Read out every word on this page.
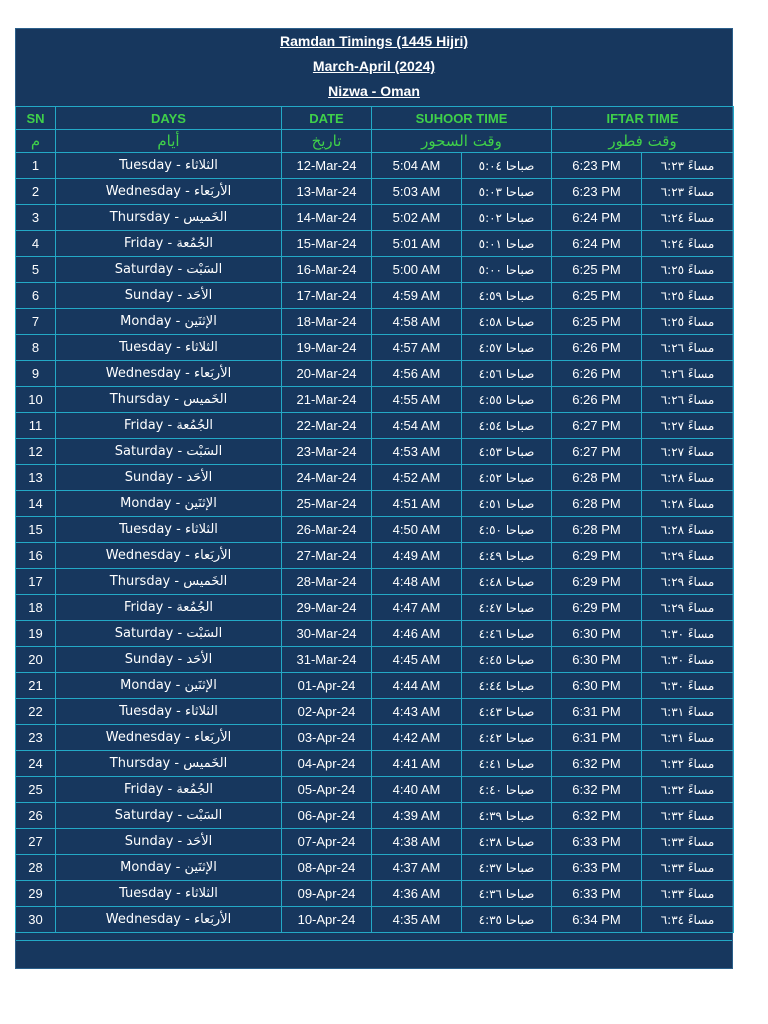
Ramdan Timings (1445 Hijri)
March-April (2024)
Nizwa - Oman
SN	DAYS	DATE	SUHOOR TIME		IFTAR TIME	
م	أيام	تاريخ	وقت السحور		وقت فطور	
1	Tuesday - الثلاثاء	12-Mar-24	5:04 AM	صباحا ٥:٠٤	6:23 PM	مساءً ٦:٢٣
2	Wednesday - الأربَعاء	13-Mar-24	5:03 AM	صباحا ٥:٠٣	6:23 PM	مساءً ٦:٢٣
3	Thursday - الخَميس	14-Mar-24	5:02 AM	صباحا ٥:٠٢	6:24 PM	مساءً ٦:٢٤
4	Friday - الجُمُعة	15-Mar-24	5:01 AM	صباحا ٥:٠١	6:24 PM	مساءً ٦:٢٤
5	Saturday - السَبْت	16-Mar-24	5:00 AM	صباحا ٥:٠٠	6:25 PM	مساءً ٦:٢٥
6	Sunday - الأحَد	17-Mar-24	4:59 AM	صباحا ٤:٥٩	6:25 PM	مساءً ٦:٢٥
7	Monday - الإثنَين	18-Mar-24	4:58 AM	صباحا ٤:٥٨	6:25 PM	مساءً ٦:٢٥
8	Tuesday - الثلاثاء	19-Mar-24	4:57 AM	صباحا ٤:٥٧	6:26 PM	مساءً ٦:٢٦
9	Wednesday - الأربَعاء	20-Mar-24	4:56 AM	صباحا ٤:٥٦	6:26 PM	مساءً ٦:٢٦
10	Thursday - الخَميس	21-Mar-24	4:55 AM	صباحا ٤:٥٥	6:26 PM	مساءً ٦:٢٦
11	Friday - الجُمُعة	22-Mar-24	4:54 AM	صباحا ٤:٥٤	6:27 PM	مساءً ٦:٢٧
12	Saturday - السَبْت	23-Mar-24	4:53 AM	صباحا ٤:٥٣	6:27 PM	مساءً ٦:٢٧
13	Sunday - الأحَد	24-Mar-24	4:52 AM	صباحا ٤:٥٢	6:28 PM	مساءً ٦:٢٨
14	Monday - الإثنَين	25-Mar-24	4:51 AM	صباحا ٤:٥١	6:28 PM	مساءً ٦:٢٨
15	Tuesday - الثلاثاء	26-Mar-24	4:50 AM	صباحا ٤:٥٠	6:28 PM	مساءً ٦:٢٨
16	Wednesday - الأربَعاء	27-Mar-24	4:49 AM	صباحا ٤:٤٩	6:29 PM	مساءً ٦:٢٩
17	Thursday - الخَميس	28-Mar-24	4:48 AM	صباحا ٤:٤٨	6:29 PM	مساءً ٦:٢٩
18	Friday - الجُمُعة	29-Mar-24	4:47 AM	صباحا ٤:٤٧	6:29 PM	مساءً ٦:٢٩
19	Saturday - السَبْت	30-Mar-24	4:46 AM	صباحا ٤:٤٦	6:30 PM	مساءً ٦:٣٠
20	Sunday - الأحَد	31-Mar-24	4:45 AM	صباحا ٤:٤٥	6:30 PM	مساءً ٦:٣٠
21	Monday - الإثنَين	01-Apr-24	4:44 AM	صباحا ٤:٤٤	6:30 PM	مساءً ٦:٣٠
22	Tuesday - الثلاثاء	02-Apr-24	4:43 AM	صباحا ٤:٤٣	6:31 PM	مساءً ٦:٣١
23	Wednesday - الأربَعاء	03-Apr-24	4:42 AM	صباحا ٤:٤٢	6:31 PM	مساءً ٦:٣١
24	Thursday - الخَميس	04-Apr-24	4:41 AM	صباحا ٤:٤١	6:32 PM	مساءً ٦:٣٢
25	Friday - الجُمُعة	05-Apr-24	4:40 AM	صباحا ٤:٤٠	6:32 PM	مساءً ٦:٣٢
26	Saturday - السَبْت	06-Apr-24	4:39 AM	صباحا ٤:٣٩	6:32 PM	مساءً ٦:٣٢
27	Sunday - الأحَد	07-Apr-24	4:38 AM	صباحا ٤:٣٨	6:33 PM	مساءً ٦:٣٣
28	Monday - الإثنَين	08-Apr-24	4:37 AM	صباحا ٤:٣٧	6:33 PM	مساءً ٦:٣٣
29	Tuesday - الثلاثاء	09-Apr-24	4:36 AM	صباحا ٤:٣٦	6:33 PM	مساءً ٦:٣٣
30	Wednesday - الأربَعاء	10-Apr-24	4:35 AM	صباحا ٤:٣٥	6:34 PM	مساءً ٦:٣٤
